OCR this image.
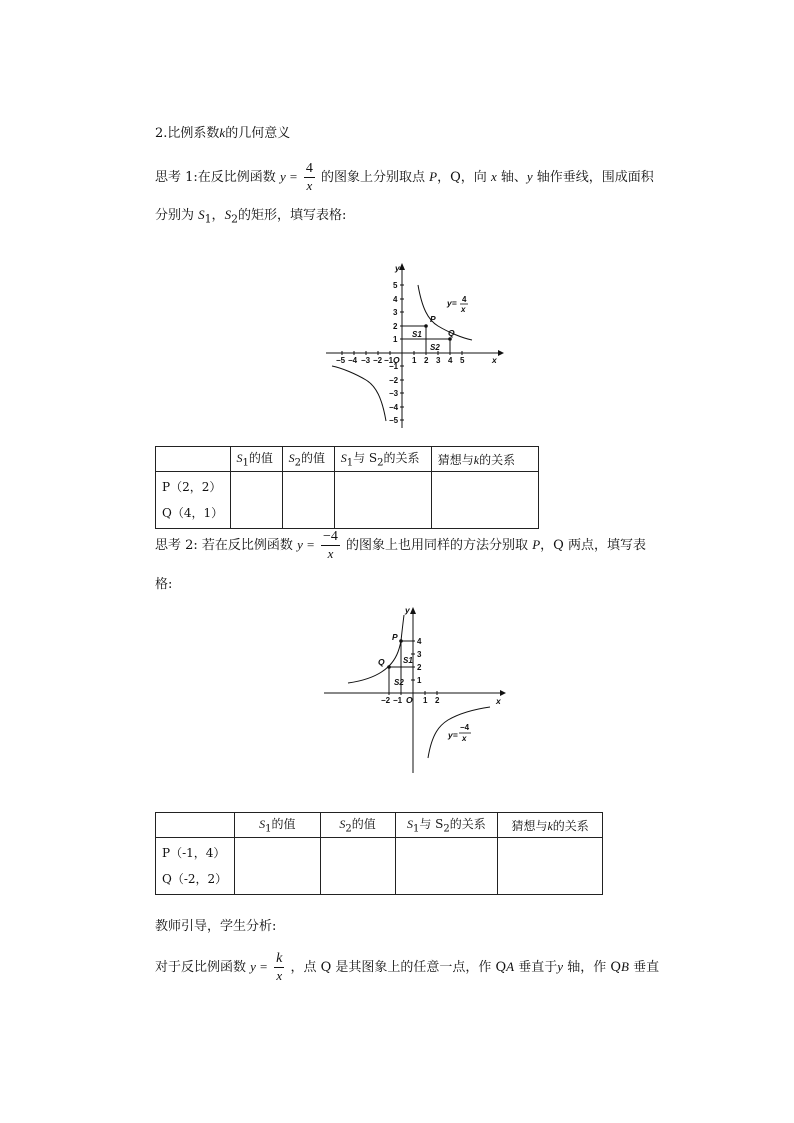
2.比例系数k的几何意义
思考 1:在反比例函数 $y = \frac{4}{x}$ 的图象上分别取点 P，Q，向 x 轴、y 轴作垂线，围成面积
分别为 $S_1$，$S_2$的矩形，填写表格:
y
x
O
P
Q
S1
S2
y= 4
x
−5 −4 −3 −2 −1 1 2 3 4 5
5
4
3
2
1
−1
−2
−3
−4
−5
	$S_1$的值	$S_2$的值	$S_1$与 $S_2$的关系	猜想与k的关系

P（2，2）
Q（4，1）				

思考 2: 若在反比例函数 $y = \frac{-4}{x}$ 的图象上也用同样的方法分别取 P，Q 两点，填写表
格:
y
x
O
P
Q S1
S2
y=
−4
x
−2 −1	1 2
4
3
2
1
	$S_1$的值	$S_2$的值	$S_1$与 $S_2$的关系	猜想与k的关系

P（-1，4）
Q（-2，2）				

教师引导，学生分析:
对于反比例函数 $y = \frac{k}{x}$ ，点 Q 是其图象上的任意一点，作 QA 垂直于y 轴，作 QB 垂直
